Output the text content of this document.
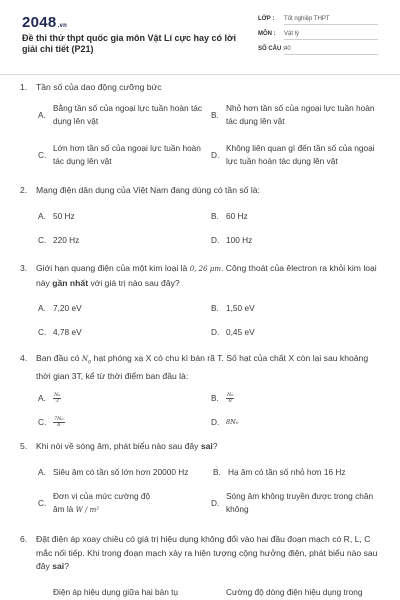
2048.vn
Đề thi thử thpt quốc gia môn Vật Lí cực hay có lời giải chi tiết (P21)
LỚP : Tốt nghiệp THPT
MÔN : Vật lý
SỐ CÂU : 40
1. Tần số của dao động cưỡng bức
A.
Bằng tần số của ngoại lực tuần hoàn tác dụng lên vật
B.
Nhỏ hơn tần số của ngoại lực tuần hoàn tác dụng lên vật
C.
Lớn hơn tần số của ngoại lực tuần hoàn tác dụng lên vật
D.
Không liên quan gì đến tần số của ngoại lực tuần hoàn tác dụng lên vật
2. Mạng điện dân dụng của Việt Nam đang dùng có tần số là:
A. 50 Hz	B. 60 Hz
C. 220 Hz	D. 100 Hz
3. Giới hạn quang điện của một kim loại là 0, 26 μm. Công thoát của êlectron ra khỏi kim loại này gần nhất với giá trị nào sau đây?
A. 7,20 eV	B. 1,50 eV
C. 4,78 eV	D. 0,45 eV
4. Ban đầu có $N_0$ hạt phóng xạ X có chu kì bán rã T. Số hạt của chất X còn lại sau khoảng thời gian 3T, kể từ thời điểm ban đầu là:
A. $\frac{\text{N₀}}{3}$	B. $\frac{\text{N₀}}{8}$
C. $\frac{\text{7N₀}}{8}$	D. 8N₀
5. Khi nói về sóng âm, phát biểu nào sau đây sai?
A. Siêu âm có tần số lớn hơn 20000 Hz	B. Hạ âm có tần số nhỏ hơn 16 Hz
C.
Đơn vị của mức cường độ âm là W / m²
D.
Sóng âm không truyền được trong chân không
6. Đặt điện áp xoay chiều có giá trị hiệu dụng không đổi vào hai đầu đoạn mạch có R, L, C mắc nối tiếp. Khi trong đoạn mạch xảy ra hiện tượng cộng hưởng điện, phát biểu nào sau đây sai?
Điện áp hiệu dụng giữa hai bản tụ	Cường độ dòng điện hiệu dụng trong
